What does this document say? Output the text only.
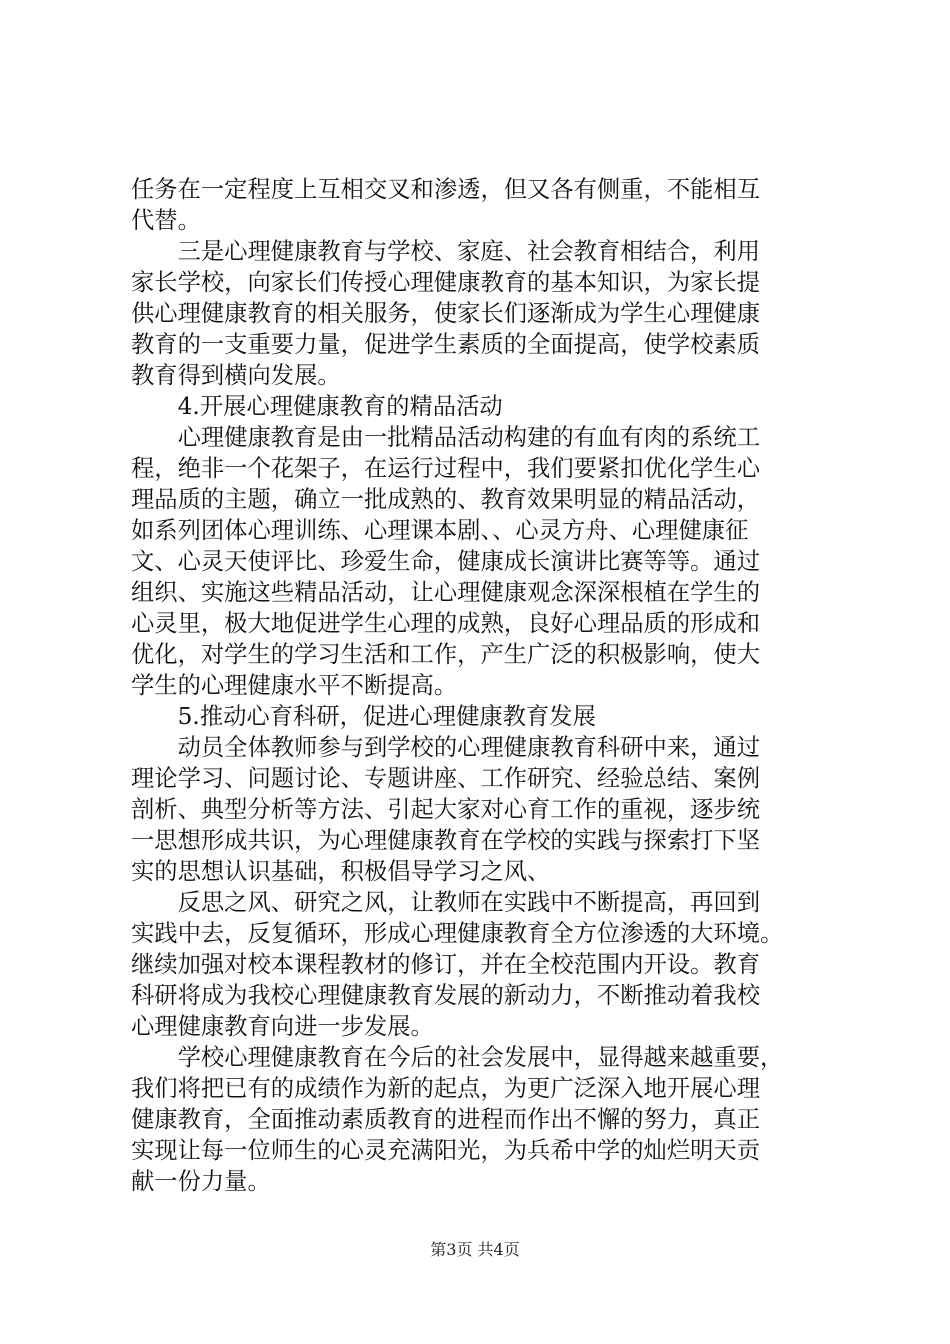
任务在一定程度上互相交叉和渗透，但又各有侧重，不能相互
代替。
　　三是心理健康教育与学校、家庭、社会教育相结合，利用
家长学校，向家长们传授心理健康教育的基本知识，为家长提
供心理健康教育的相关服务，使家长们逐渐成为学生心理健康
教育的一支重要力量，促进学生素质的全面提高，使学校素质
教育得到横向发展。
　　4.开展心理健康教育的精品活动
　　心理健康教育是由一批精品活动构建的有血有肉的系统工
程，绝非一个花架子，在运行过程中，我们要紧扣优化学生心
理品质的主题，确立一批成熟的、教育效果明显的精品活动，
如系列团体心理训练、心理课本剧、、心灵方舟、心理健康征
文、心灵天使评比、珍爱生命，健康成长演讲比赛等等。通过
组织、实施这些精品活动，让心理健康观念深深根植在学生的
心灵里，极大地促进学生心理的成熟，良好心理品质的形成和
优化，对学生的学习生活和工作，产生广泛的积极影响，使大
学生的心理健康水平不断提高。
　　5.推动心育科研，促进心理健康教育发展
　　动员全体教师参与到学校的心理健康教育科研中来，通过
理论学习、问题讨论、专题讲座、工作研究、经验总结、案例
剖析、典型分析等方法、引起大家对心育工作的重视，逐步统
一思想形成共识，为心理健康教育在学校的实践与探索打下坚
实的思想认识基础，积极倡导学习之风、
　　反思之风、研究之风，让教师在实践中不断提高，再回到
实践中去，反复循环，形成心理健康教育全方位渗透的大环境。
继续加强对校本课程教材的修订，并在全校范围内开设。教育
科研将成为我校心理健康教育发展的新动力，不断推动着我校
心理健康教育向进一步发展。
　　学校心理健康教育在今后的社会发展中，显得越来越重要，
我们将把已有的成绩作为新的起点，为更广泛深入地开展心理
健康教育，全面推动素质教育的进程而作出不懈的努力，真正
实现让每一位师生的心灵充满阳光，为兵希中学的灿烂明天贡
献一份力量。
第3页 共4页
